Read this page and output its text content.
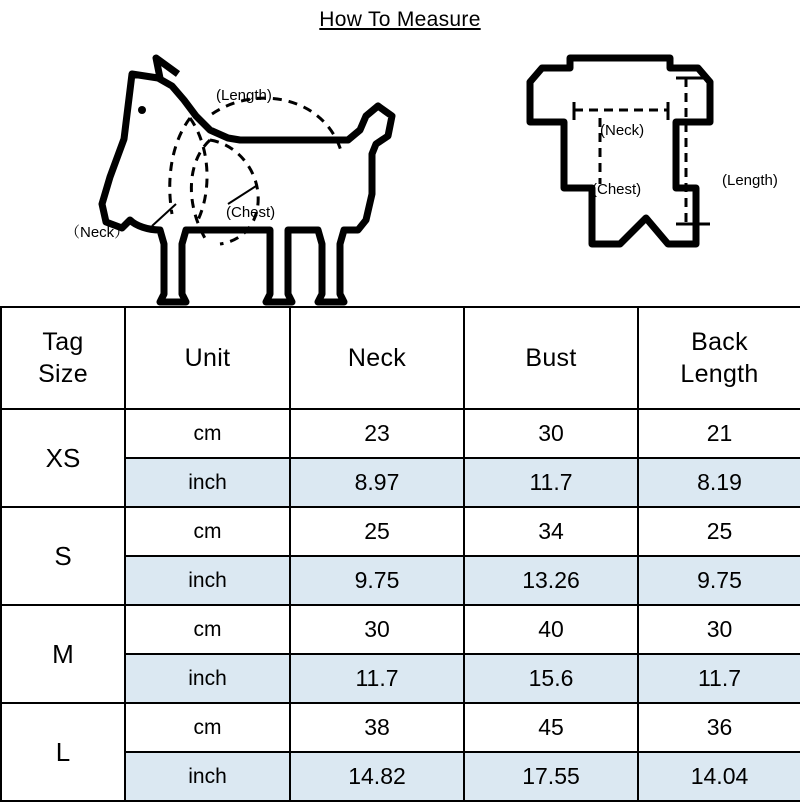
How To Measure
(Length)
(Chest)
（Neck）
(Neck)
(Chest)
(Length)
Tag
Size	Unit	Neck	Bust	Back
Length

XS	cm	23	30	21
	inch	8.97	11.7	8.19
S	cm	25	34	25
	inch	9.75	13.26	9.75
M	cm	30	40	30
	inch	11.7	15.6	11.7
L	cm	38	45	36
	inch	14.82	17.55	14.04
